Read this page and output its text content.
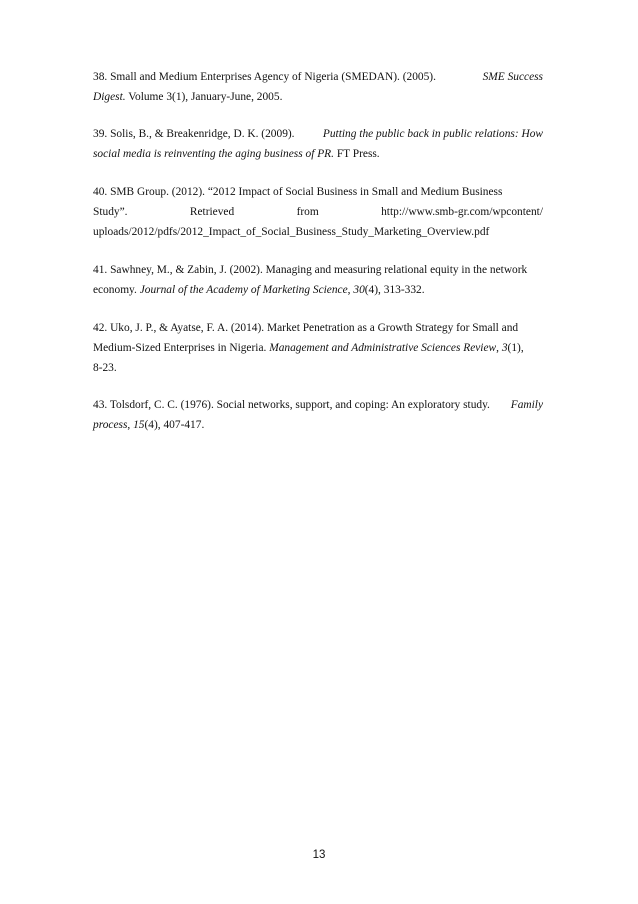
38. Small and Medium Enterprises Agency of Nigeria (SMEDAN). (2005).	SME Success
Digest. Volume 3(1), January-June, 2005.
39. Solis, B., & Breakenridge, D. K. (2009). Putting the public back in public relations: How
social media is reinventing the aging business of PR. FT Press.
40. SMB Group. (2012). “2012 Impact of Social Business in Small and Medium Business
Study”.	Retrieved	from	http://www.smb-gr.com/wpcontent/
uploads/2012/pdfs/2012_Impact_of_Social_Business_Study_Marketing_Overview.pdf
41. Sawhney, M., & Zabin, J. (2002). Managing and measuring relational equity in the network
economy. Journal of the Academy of Marketing Science, 30(4), 313-332.
42. Uko, J. P., & Ayatse, F. A. (2014). Market Penetration as a Growth Strategy for Small and
Medium-Sized Enterprises in Nigeria. Management and Administrative Sciences Review, 3(1),
8-23.
43. Tolsdorf, C. C. (1976). Social networks, support, and coping: An exploratory study. Family
process, 15(4), 407-417.
13
